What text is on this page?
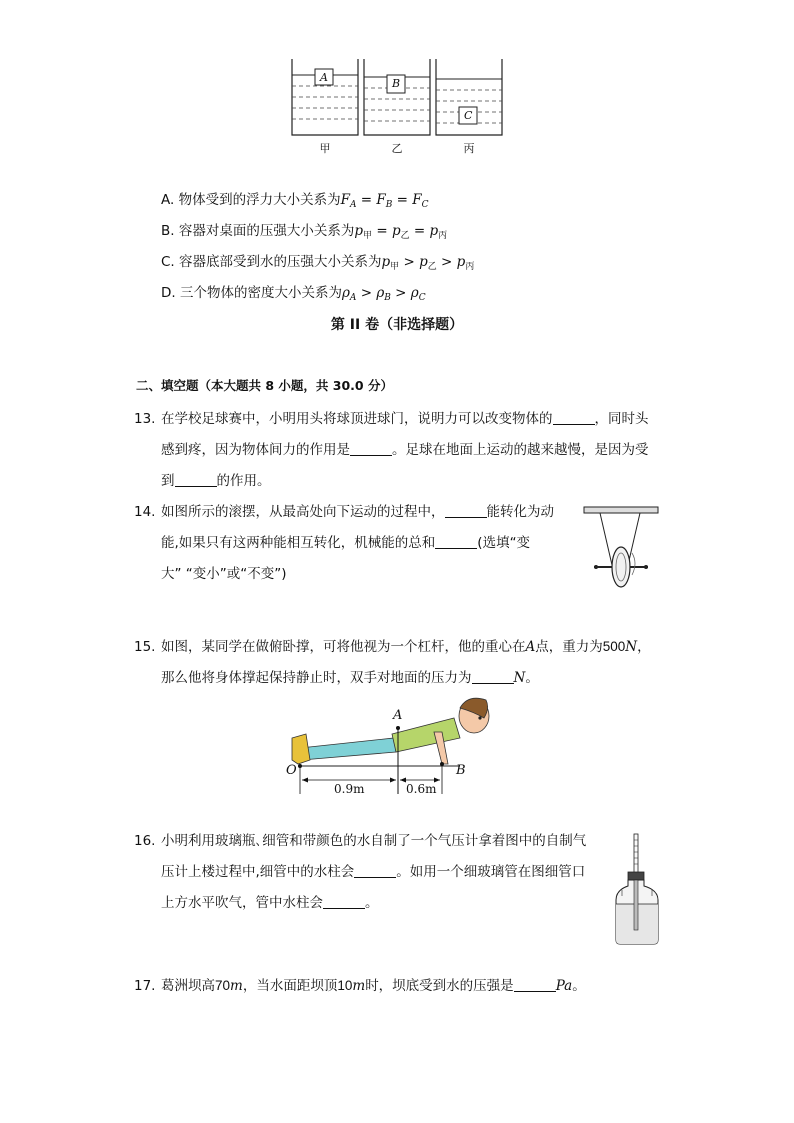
A	B
C
甲	乙	丙
A. 物体受到的浮力大小关系为$F_A = F_B = F_C$
B. 容器对桌面的压强大小关系为$p_甲 = p_乙 = p_丙$
C. 容器底部受到水的压强大小关系为$p_甲 > p_乙 > p_丙$
D. 三个物体的密度大小关系为$\rho_A > \rho_B > \rho_C$
第 II 卷（非选择题）
二、填空题（本大题共 8 小题，共 30.0 分）
13. 在学校足球赛中，小明用头将球顶进球门，说明力可以改变物体的	，同时头
感到疼，因为物体间力的作用是	。足球在地面上运动的越来越慢，是因为受
到	的作用。
14. 如图所示的滚摆，从最高处向下运动的过程中，	能转化为动
能,如果只有这两种能相互转化，机械能的总和	(选填“变
大” “变小”或“不变”)
15. 如图，某同学在做俯卧撑，可将他视为一个杠杆，他的重心在A点，重力为500N，
那么他将身体撑起保持静止时，双手对地面的压力为	N。
O
A
B
0.9m	0.6m
16. 小明利用玻璃瓶､细管和带颜色的水自制了一个气压计拿着图中的自制气
压计上楼过程中,细管中的水柱会	。如用一个细玻璃管在图细管口
上方水平吹气，管中水柱会	。
17. 葛洲坝高70m，当水面距坝顶10m时，坝底受到水的压强是	Pa。
